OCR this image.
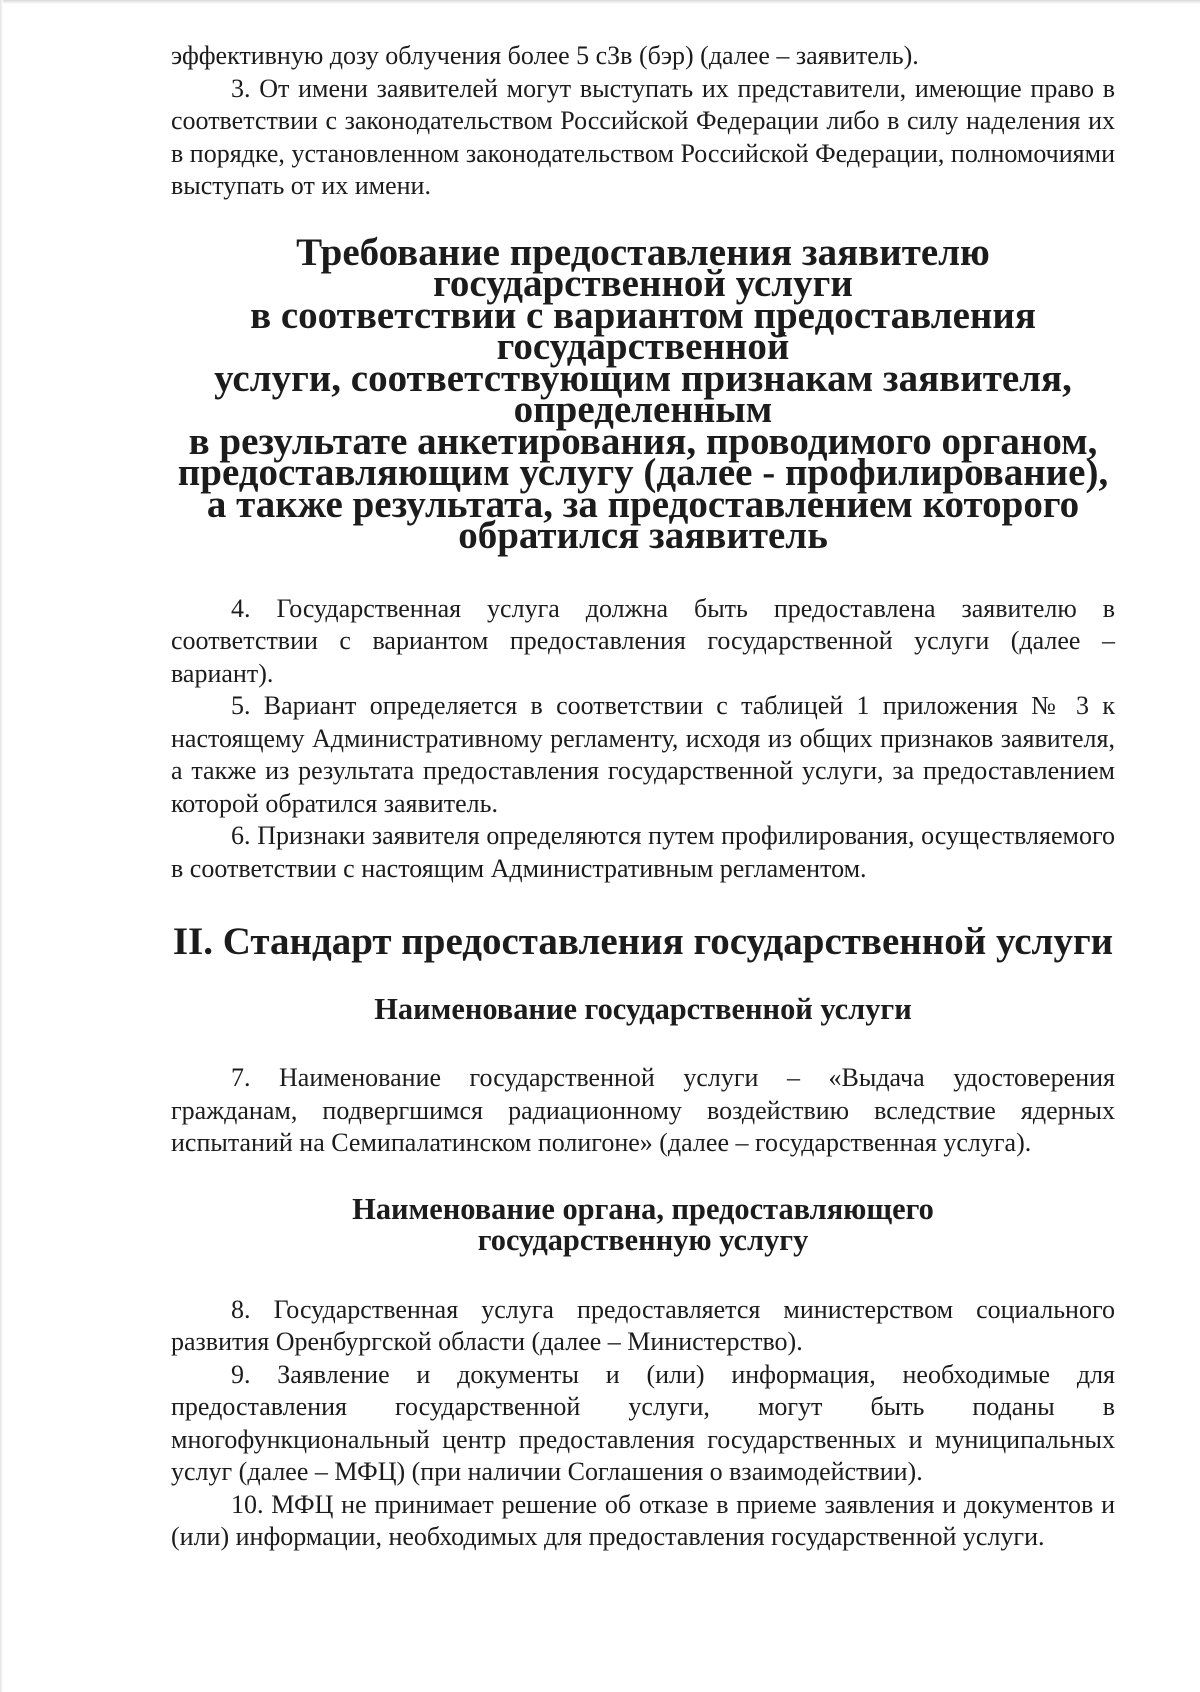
эффективную дозу облучения более 5 сЗв (бэр) (далее – заявитель).

3. От имени заявителей могут выступать их представители, имеющие право в соответствии с законодательством Российской Федерации либо в силу наделения их в порядке, установленном законодательством Российской Федерации, полномочиями выступать от их имени.

Требование предоставления заявителю государственной услуги
в соответствии с вариантом предоставления государственной
услуги, соответствующим признакам заявителя, определенным
в результате анкетирования, проводимого органом,
предоставляющим услугу (далее - профилирование),
а также результата, за предоставлением которого
обратился заявитель

4. Государственная услуга должна быть предоставлена заявителю в соответствии с вариантом предоставления государственной услуги (далее – вариант).

5. Вариант определяется в соответствии с таблицей 1 приложения № 3 к настоящему Административному регламенту, исходя из общих признаков заявителя, а также из результата предоставления государственной услуги, за предоставлением которой обратился заявитель.

6. Признаки заявителя определяются путем профилирования, осуществляемого в соответствии с настоящим Административным регламентом.

II. Стандарт предоставления государственной услуги
Наименование государственной услуги

7. Наименование государственной услуги – «Выдача удостоверения гражданам, подвергшимся радиационному воздействию вследствие ядерных испытаний на Семипалатинском полигоне» (далее – государственная услуга).

Наименование органа, предоставляющего
государственную услугу

8. Государственная услуга предоставляется министерством социального развития Оренбургской области (далее – Министерство).

9. Заявление и документы и (или) информация, необходимые для предоставления государственной услуги, могут быть поданы в многофункциональный центр предоставления государственных и муниципальных услуг (далее – МФЦ) (при наличии Соглашения о взаимодействии).

10. МФЦ не принимает решение об отказе в приеме заявления и документов и (или) информации, необходимых для предоставления государственной услуги.
